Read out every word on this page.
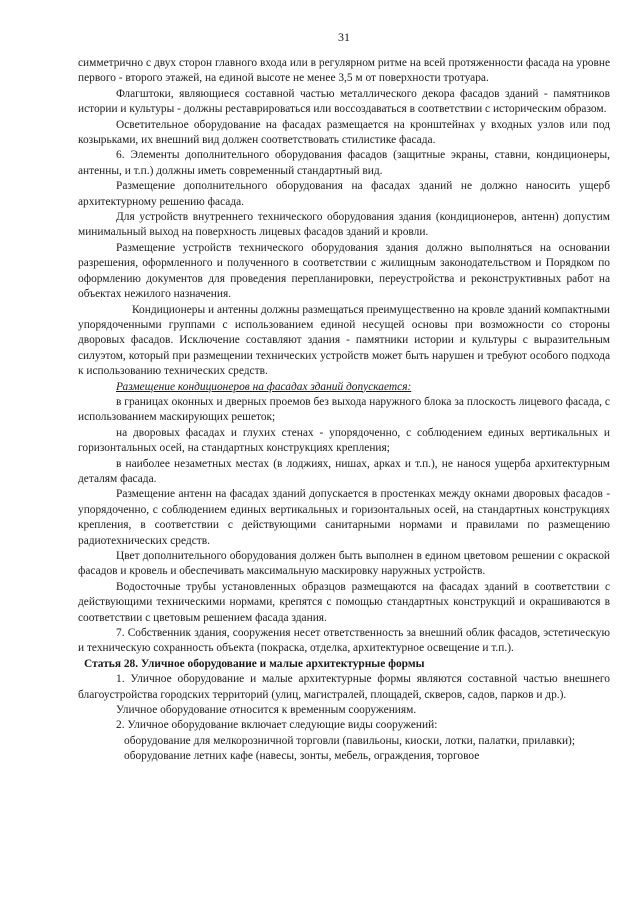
31

симметрично с двух сторон главного входа или в регулярном ритме на всей протяженности фасада на уровне первого - второго этажей, на единой высоте не менее 3,5 м от поверхности тротуара.

Флагштоки, являющиеся составной частью металлического декора фасадов зданий - памятников истории и культуры - должны реставрироваться или воссоздаваться в соответствии с историческим образом.

Осветительное оборудование на фасадах размещается на кронштейнах у входных узлов или под козырьками, их внешний вид должен соответствовать стилистике фасада.

6. Элементы дополнительного оборудования фасадов (защитные экраны, ставни, кондиционеры, антенны, и т.п.) должны иметь современный стандартный вид.

Размещение дополнительного оборудования на фасадах зданий не должно наносить ущерб архитектурному решению фасада.

Для устройств внутреннего технического оборудования здания (кондиционеров, антенн) допустим минимальный выход на поверхность лицевых фасадов зданий и кровли.

Размещение устройств технического оборудования здания должно выполняться на основании разрешения, оформленного и полученного в соответствии с жилищным законодательством и Порядком по оформлению документов для проведения перепланировки, переустройства и реконструктивных работ на объектах нежилого назначения.

Кондиционеры и антенны должны размещаться преимущественно на кровле зданий компактными упорядоченными группами с использованием единой несущей основы при возможности со стороны дворовых фасадов. Исключение составляют здания - памятники истории и культуры с выразительным силуэтом, который при размещении технических устройств может быть нарушен и требуют особого подхода к использованию технических средств.

Размещение кондиционеров на фасадах зданий допускается:

в границах оконных и дверных проемов без выхода наружного блока за плоскость лицевого фасада, с использованием маскирующих решеток;

на дворовых фасадах и глухих стенах - упорядоченно, с соблюдением единых вертикальных и горизонтальных осей, на стандартных конструкциях крепления;

в наиболее незаметных местах (в лоджиях, нишах, арках и т.п.), не нанося ущерба архитектурным деталям фасада.

Размещение антенн на фасадах зданий допускается в простенках между окнами дворовых фасадов - упорядоченно, с соблюдением единых вертикальных и горизонтальных осей, на стандартных конструкциях крепления, в соответствии с действующими санитарными нормами и правилами по размещению радиотехнических средств.

Цвет дополнительного оборудования должен быть выполнен в едином цветовом решении с окраской фасадов и кровель и обеспечивать максимальную маскировку наружных устройств.

Водосточные трубы установленных образцов размещаются на фасадах зданий в соответствии с действующими техническими нормами, крепятся с помощью стандартных конструкций и окрашиваются в соответствии с цветовым решением фасада здания.

7. Собственник здания, сооружения несет ответственность за внешний облик фасадов, эстетическую и техническую сохранность объекта (покраска, отделка, архитектурное освещение и т.п.).

Статья 28. Уличное оборудование и малые архитектурные формы

1. Уличное оборудование и малые архитектурные формы являются составной частью внешнего благоустройства городских территорий (улиц, магистралей, площадей, скверов, садов, парков и др.).

Уличное оборудование относится к временным сооружениям.

2. Уличное оборудование включает следующие виды сооружений:

оборудование для мелкорозничной торговли (павильоны, киоски, лотки, палатки, прилавки);

оборудование летних кафе (навесы, зонты, мебель, ограждения, торговое
